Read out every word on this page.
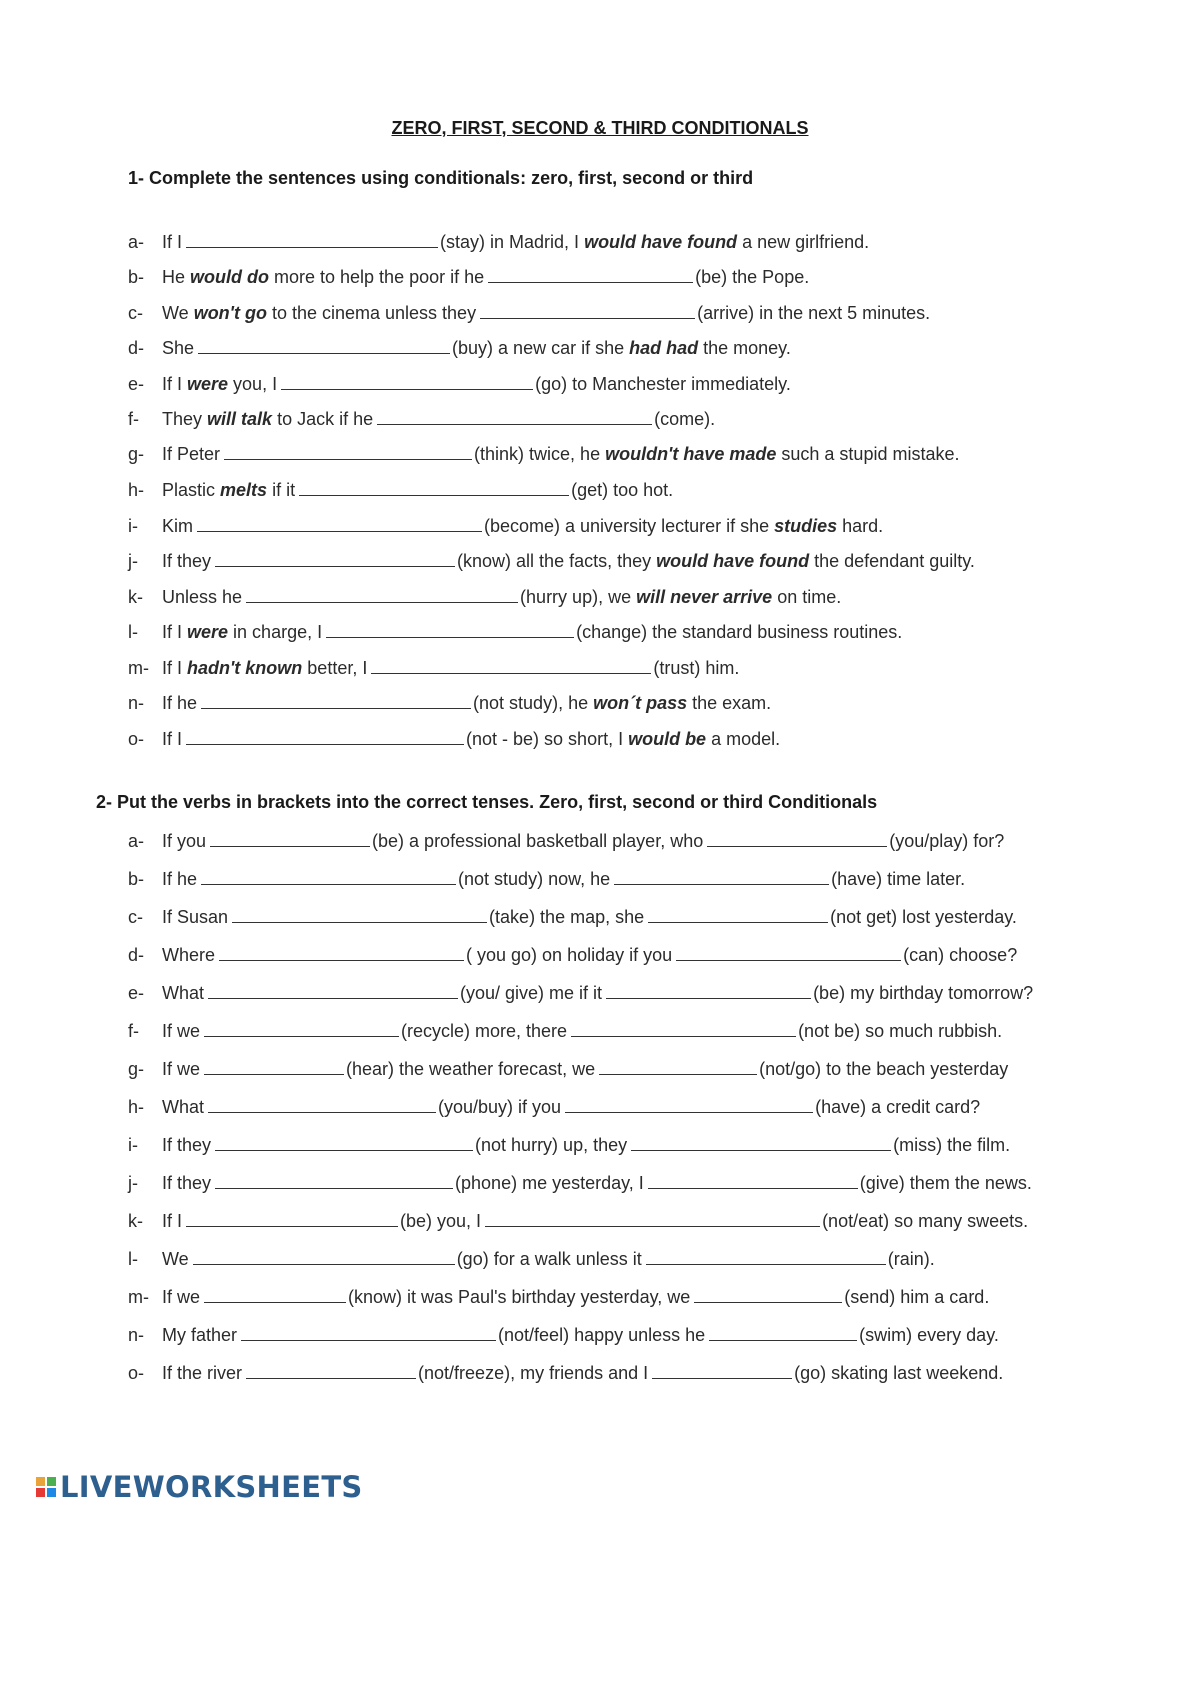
ZERO, FIRST, SECOND & THIRD CONDITIONALS
1- Complete the sentences using conditionals: zero, first, second or third
a- If I	(stay) in Madrid, I would have found a new girlfriend.
b- He would do more to help the poor if he	(be) the Pope.
c- We won't go to the cinema unless they	(arrive) in the next 5 minutes.
d- She	(buy) a new car if she had had the money.
e- If I were you, I	(go) to Manchester immediately.
f- They will talk to Jack if he	(come).
g- If Peter	(think) twice, he wouldn't have made such a stupid mistake.
h- Plastic melts if it	(get) too hot.
i- Kim	(become) a university lecturer if she studies hard.
j- If they	(know) all the facts, they would have found the defendant guilty.
k- Unless he	(hurry up), we will never arrive on time.
l- If I were in charge, I	(change) the standard business routines.
m- If I hadn't known better, I	(trust) him.
n- If he	(not study), he won´t pass the exam.
o- If I	(not - be) so short, I would be a model.
2- Put the verbs in brackets into the correct tenses. Zero, first, second or third Conditionals
a- If you	(be) a professional basketball player, who	(you/play) for?
b- If he	(not study) now, he	(have) time later.
c- If Susan	(take) the map, she	(not get) lost yesterday.
d- Where	( you go) on holiday if you	(can) choose?
e- What	(you/ give) me if it	(be) my birthday tomorrow?
f- If we	(recycle) more, there	(not be) so much rubbish.
g- If we	(hear) the weather forecast, we	(not/go) to the beach yesterday
h- What	(you/buy) if you	(have) a credit card?
i- If they	(not hurry) up, they	(miss) the film.
j- If they	(phone) me yesterday, I	(give) them the news.
k- If I	(be) you, I	(not/eat) so many sweets.
l- We	(go) for a walk unless it	(rain).
m- If we	(know) it was Paul's birthday yesterday, we	(send) him a card.
n- My father	(not/feel) happy unless he	(swim) every day.
o- If the river	(not/freeze), my friends and I	(go) skating last weekend.
LIVEWORKSHEETS
